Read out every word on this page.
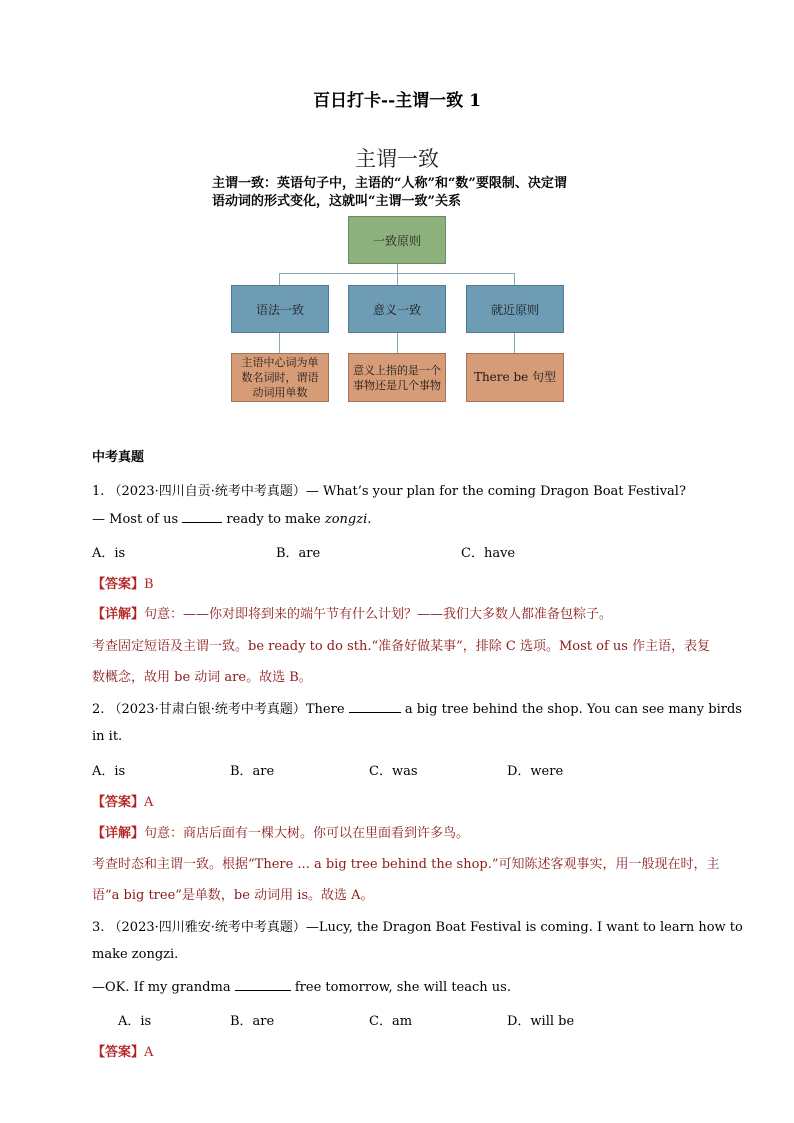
百日打卡--主谓一致 1
主谓一致
主谓一致：英语句子中，主语的“人称”和“数”要限制、决定谓语动词的形式变化，这就叫“主谓一致”关系
一致原则
语法一致	意义一致	就近原则
主语中心词为单数名词时，谓语动词用单数
意义上指的是一个事物还是几个事物
There be 句型
中考真题
1. （2023·四川自贡·统考中考真题）— What’s your plan for the coming Dragon Boat Festival?
— Most of us	ready to make zongzi.
A．is	B．are	C．have
【答案】B
【详解】句意：——你对即将到来的端午节有什么计划？——我们大多数人都准备包粽子。
考查固定短语及主谓一致。be ready to do sth.“准备好做某事”，排除 C 选项。Most of us 作主语，表复
数概念，故用 be 动词 are。故选 B。
2. （2023·甘肃白银·统考中考真题）There	a big tree behind the shop. You can see many birds
in it.
A．is	B．are	C．was	D．were
【答案】A
【详解】句意：商店后面有一棵大树。你可以在里面看到许多鸟。
考查时态和主谓一致。根据“There ... a big tree behind the shop.”可知陈述客观事实，用一般现在时，主
语“a big tree”是单数，be 动词用 is。故选 A。
3. （2023·四川雅安·统考中考真题）—Lucy, the Dragon Boat Festival is coming. I want to learn how to
make zongzi.
—OK. If my grandma	free tomorrow, she will teach us.
A．is	B．are	C．am	D．will be
【答案】A
